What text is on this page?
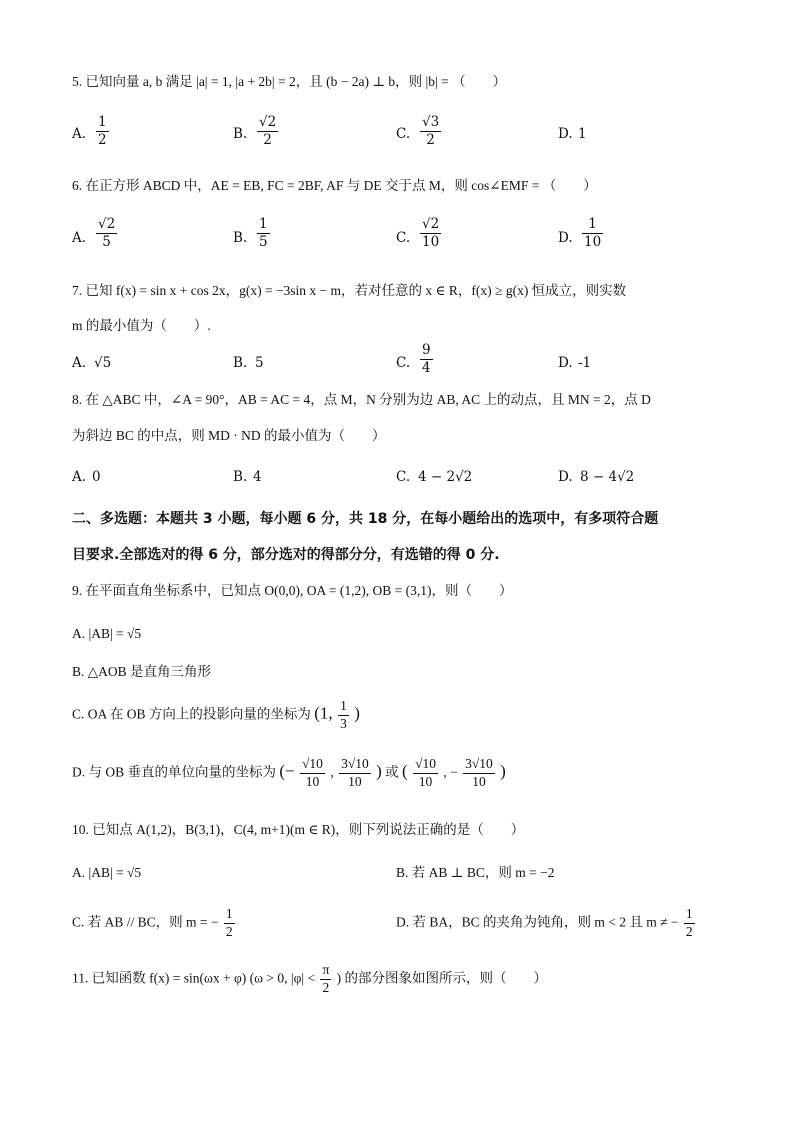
5. 已知向量 a, b 满足 |a| = 1, |a + 2b| = 2，且 (b − 2a) ⊥ b，则 |b| = （　　）
A. $\frac{1}{2}$	B. $\frac{√2}{2}$	C. $\frac{√3}{2}$	D. 1
6. 在正方形 ABCD 中，AE = EB, FC = 2BF, AF 与 DE 交于点 M，则 cos∠EMF = （　　）
A. $\frac{√2}{5}$	B. $\frac{1}{5}$	C. $\frac{√2}{10}$	D. $\frac{1}{10}$
7. 已知 f(x) = sin x + cos 2x，g(x) = −3sin x − m，若对任意的 x ∈ R，f(x) ≥ g(x) 恒成立，则实数
m 的最小值为（　　）.
A. √5	B. 5	C. $\frac{9}{4}$	D. -1
8. 在 △ABC 中，∠A = 90°，AB = AC = 4，点 M，N 分别为边 AB, AC 上的动点，且 MN = 2，点 D
为斜边 BC 的中点，则 MD · ND 的最小值为（　　）
A. 0	B. 4	C. 4 − 2√2	D. 8 − 4√2
二、多选题：本题共 3 小题，每小题 6 分，共 18 分，在每小题给出的选项中，有多项符合题
目要求.全部选对的得 6 分，部分选对的得部分分，有选错的得 0 分.
9. 在平面直角坐标系中，已知点 O(0,0), OA = (1,2), OB = (3,1)，则（　　）
A. |AB| = √5
B. △AOB 是直角三角形
C. OA 在 OB 方向上的投影向量的坐标为 (1, $\frac{1}{3}$ )
D. 与 OB 垂直的单位向量的坐标为 (− $\frac{√10}{10}$ , $\frac{3√10}{10}$ ) 或 ( $\frac{√10}{10}$ , − $\frac{3√10}{10}$ )
10. 已知点 A(1,2)，B(3,1)，C(4, m+1)(m ∈ R)，则下列说法正确的是（　　）
A. |AB| = √5	B. 若 AB ⊥ BC，则 m = −2
C. 若 AB // BC，则 m = − $\frac{1}{2}$	D. 若 BA，BC 的夹角为钝角，则 m < 2 且 m ≠ − $\frac{1}{2}$
11. 已知函数 f(x) = sin(ωx + φ) (ω > 0, $|\varphi| < \frac{\pi}{2}$ ) 的部分图象如图所示，则（　　）
